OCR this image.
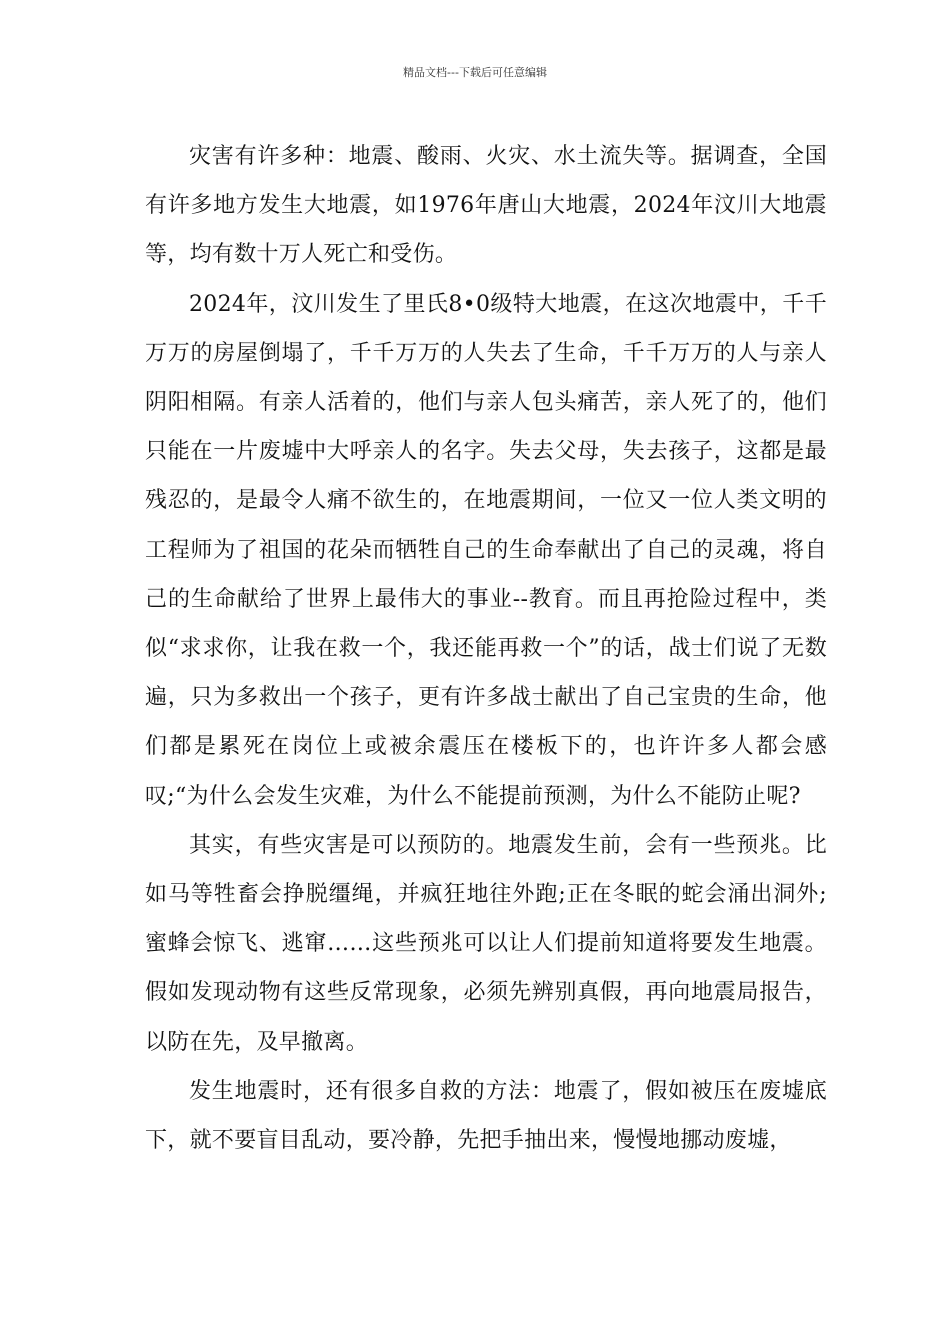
精品文档---下载后可任意编辑

灾害有许多种：地震、酸雨、火灾、水土流失等。据调查，全国有许多地方发生大地震，如1976年唐山大地震，2024年汶川大地震等，均有数十万人死亡和受伤。

2024年，汶川发生了里氏8•0级特大地震，在这次地震中，千千万万的房屋倒塌了，千千万万的人失去了生命，千千万万的人与亲人阴阳相隔。有亲人活着的，他们与亲人包头痛苦，亲人死了的，他们只能在一片废墟中大呼亲人的名字。失去父母，失去孩子，这都是最残忍的，是最令人痛不欲生的，在地震期间，一位又一位人类文明的工程师为了祖国的花朵而牺牲自己的生命奉献出了自己的灵魂，将自己的生命献给了世界上最伟大的事业--教育。而且再抢险过程中，类似“求求你，让我在救一个，我还能再救一个”的话，战士们说了无数遍，只为多救出一个孩子，更有许多战士献出了自己宝贵的生命，他们都是累死在岗位上或被余震压在楼板下的，也许许多人都会感叹;“为什么会发生灾难，为什么不能提前预测，为什么不能防止呢?

其实，有些灾害是可以预防的。地震发生前，会有一些预兆。比如马等牲畜会挣脱缰绳，并疯狂地往外跑;正在冬眠的蛇会涌出洞外;蜜蜂会惊飞、逃窜……这些预兆可以让人们提前知道将要发生地震。假如发现动物有这些反常现象，必须先辨别真假，再向地震局报告，以防在先，及早撤离。

发生地震时，还有很多自救的方法：地震了，假如被压在废墟底下，就不要盲目乱动，要冷静，先把手抽出来，慢慢地挪动废墟，
